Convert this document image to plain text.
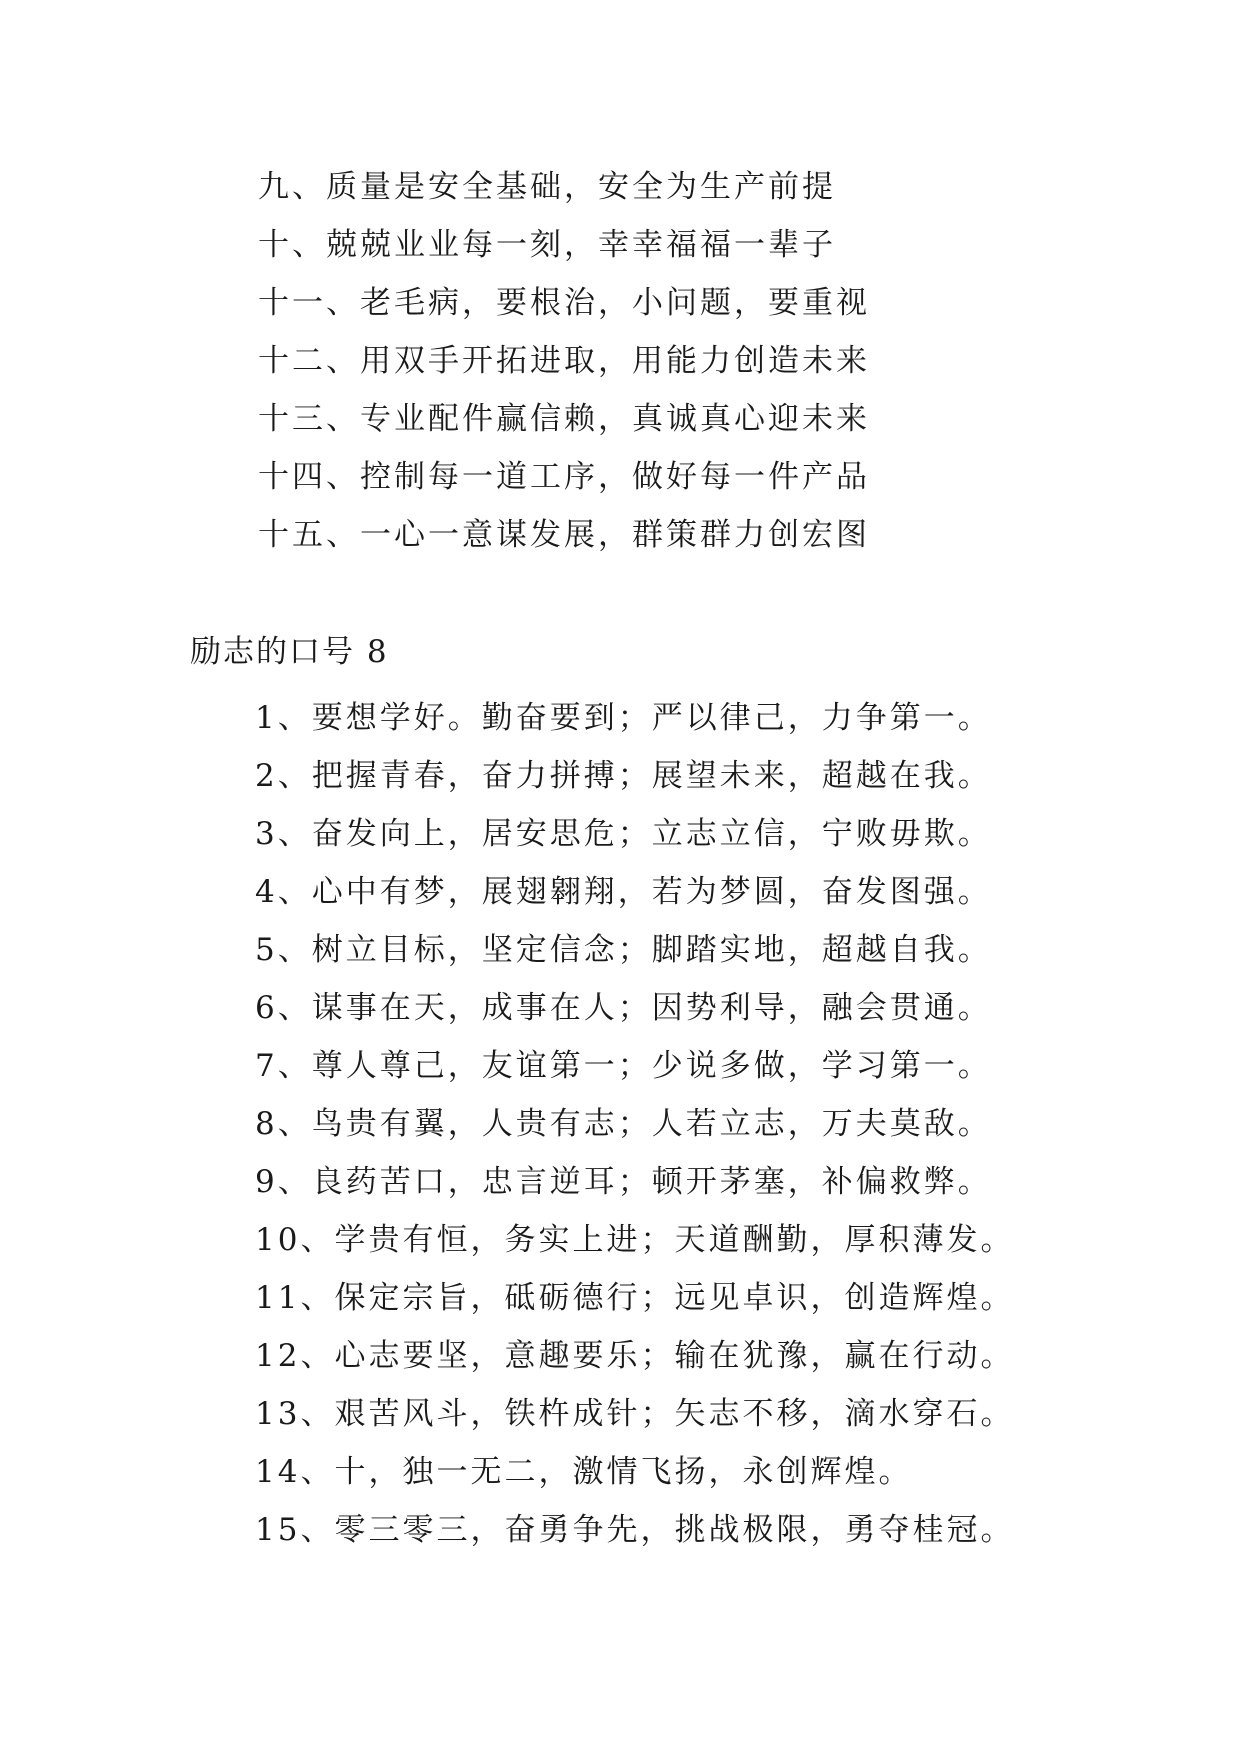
九、质量是安全基础，安全为生产前提
十、兢兢业业每一刻，幸幸福福一辈子
十一、老毛病，要根治，小问题，要重视
十二、用双手开拓进取，用能力创造未来
十三、专业配件赢信赖，真诚真心迎未来
十四、控制每一道工序，做好每一件产品
十五、一心一意谋发展，群策群力创宏图
励志的口号 8
1、要想学好。勤奋要到；严以律己，力争第一。
2、把握青春，奋力拼搏；展望未来，超越在我。
3、奋发向上，居安思危；立志立信，宁败毋欺。
4、心中有梦，展翅翱翔，若为梦圆，奋发图强。
5、树立目标，坚定信念；脚踏实地，超越自我。
6、谋事在天，成事在人；因势利导，融会贯通。
7、尊人尊己，友谊第一；少说多做，学习第一。
8、鸟贵有翼，人贵有志；人若立志，万夫莫敌。
9、良药苦口，忠言逆耳；顿开茅塞，补偏救弊。
10、学贵有恒，务实上进；天道酬勤，厚积薄发。
11、保定宗旨，砥砺德行；远见卓识，创造辉煌。
12、心志要坚，意趣要乐；输在犹豫，赢在行动。
13、艰苦风斗，铁杵成针；矢志不移，滴水穿石。
14、十，独一无二，激情飞扬，永创辉煌。
15、零三零三，奋勇争先，挑战极限，勇夺桂冠。
